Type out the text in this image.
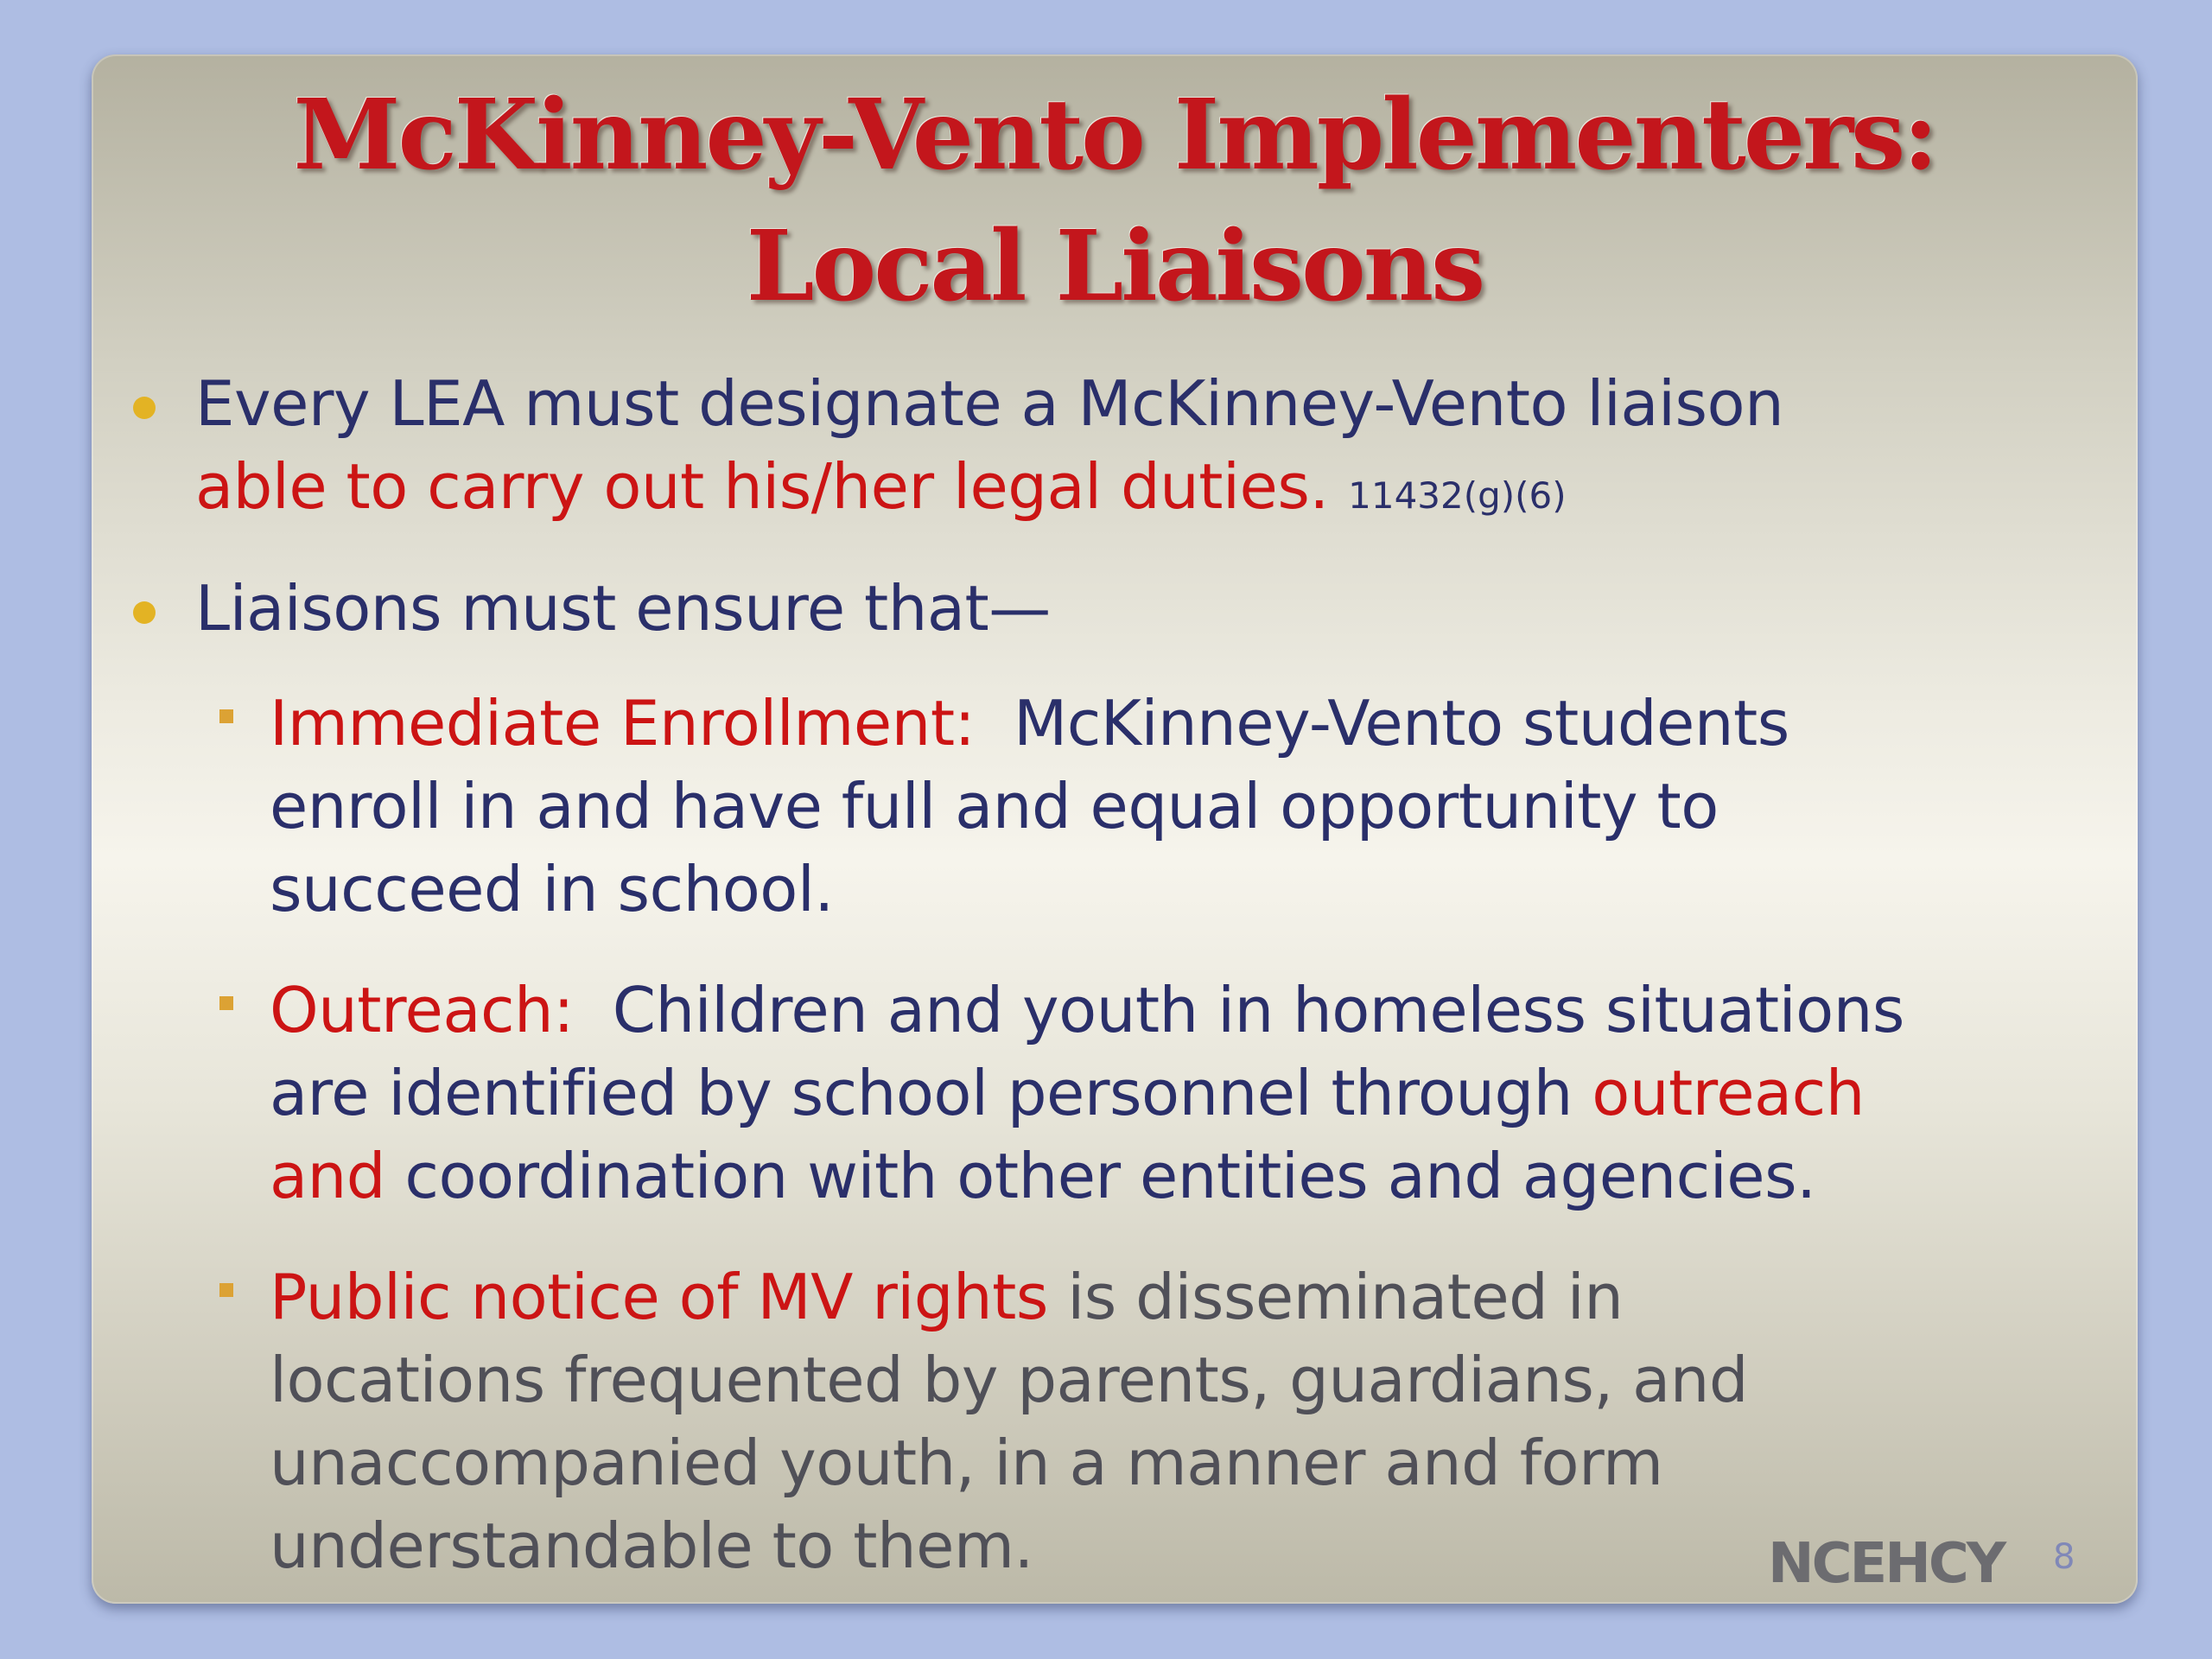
McKinney-Vento Implementers:
Local Liaisons
Every LEA must designate a McKinney-Vento liaison
able to carry out his/her legal duties. 11432(g)(6)
Liaisons must ensure that—
Immediate Enrollment: McKinney-Vento students
enroll in and have full and equal opportunity to
succeed in school.
Outreach: Children and youth in homeless situations
are identified by school personnel through outreach
and coordination with other entities and agencies.
Public notice of MV rights is disseminated in
locations frequented by parents, guardians, and
unaccompanied youth, in a manner and form
understandable to them.	NCEHCY 8
